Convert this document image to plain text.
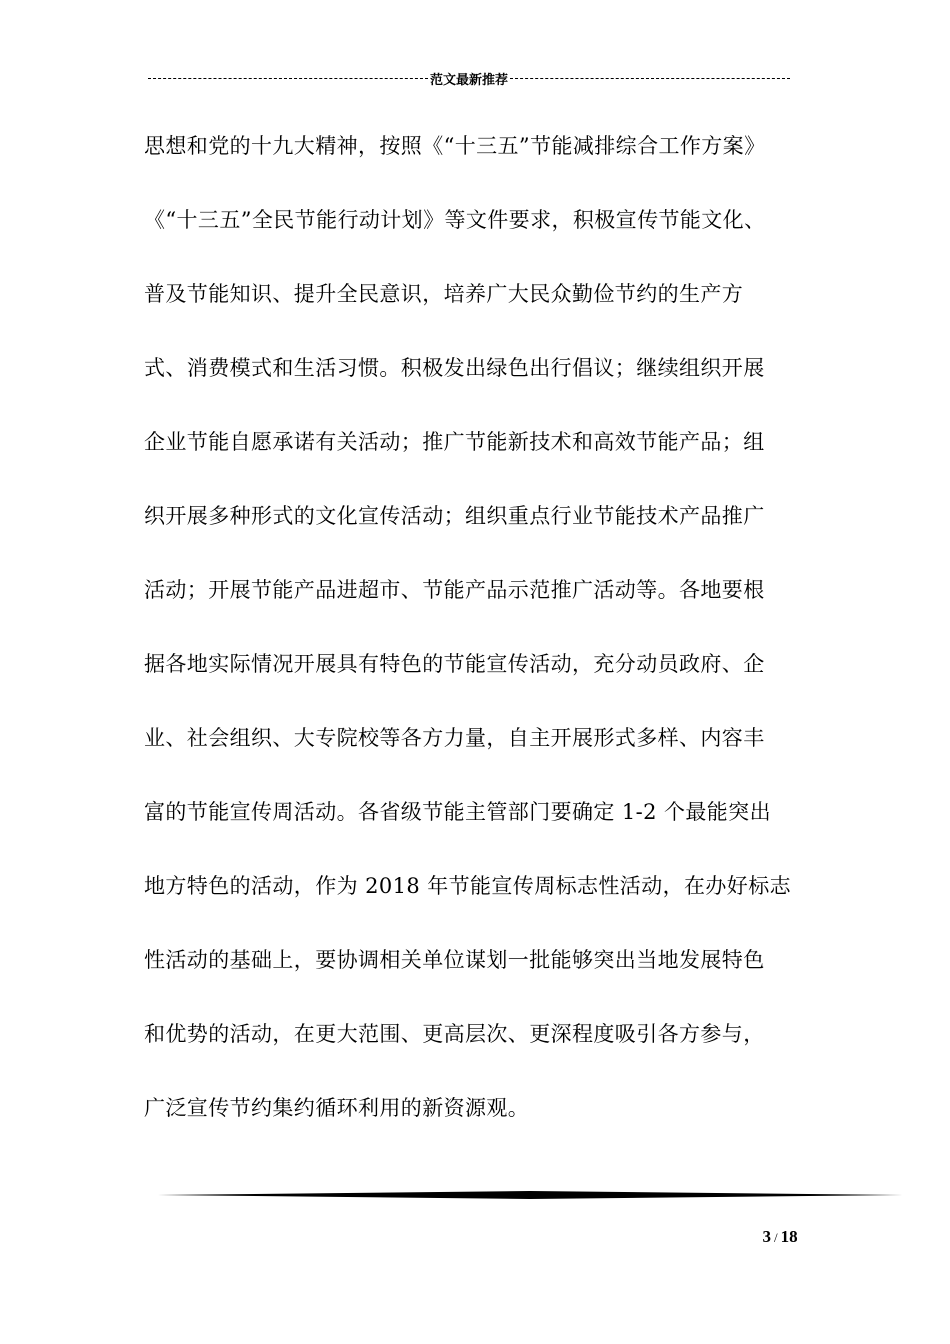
范文最新推荐
思想和党的十九大精神，按照《“十三五”节能减排综合工作方案》
《“十三五”全民节能行动计划》等文件要求，积极宣传节能文化、
普及节能知识、提升全民意识，培养广大民众勤俭节约的生产方
式、消费模式和生活习惯。积极发出绿色出行倡议；继续组织开展
企业节能自愿承诺有关活动；推广节能新技术和高效节能产品；组
织开展多种形式的文化宣传活动；组织重点行业节能技术产品推广
活动；开展节能产品进超市、节能产品示范推广活动等。各地要根
据各地实际情况开展具有特色的节能宣传活动，充分动员政府、企
业、社会组织、大专院校等各方力量，自主开展形式多样、内容丰
富的节能宣传周活动。各省级节能主管部门要确定 1-2 个最能突出
地方特色的活动，作为 2018 年节能宣传周标志性活动，在办好标志
性活动的基础上，要协调相关单位谋划一批能够突出当地发展特色
和优势的活动，在更大范围、更高层次、更深程度吸引各方参与，
广泛宣传节约集约循环利用的新资源观。
3 / 18
